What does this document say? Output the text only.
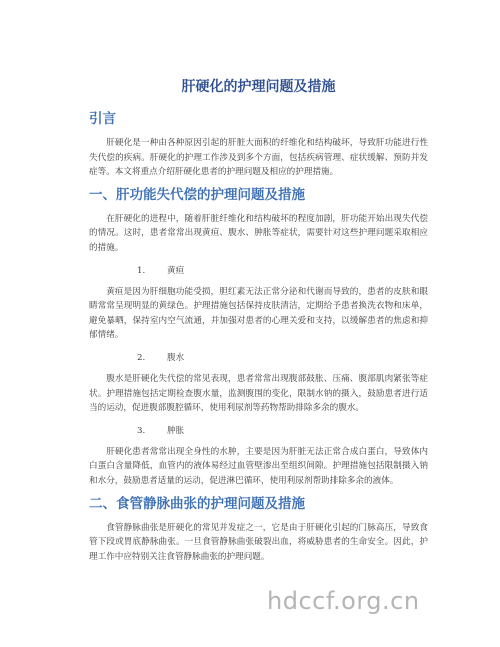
肝硬化的护理问题及措施
引言

肝硬化是一种由各种原因引起的肝脏大面积的纤维化和结构破坏，导致肝功能进行性失代偿的疾病。肝硬化的护理工作涉及到多个方面，包括疾病管理、症状缓解、预防并发症等。本文将重点介绍肝硬化患者的护理问题及相应的护理措施。

一、肝功能失代偿的护理问题及措施

在肝硬化的进程中，随着肝脏纤维化和结构破坏的程度加剧，肝功能开始出现失代偿的情况。这时，患者常常出现黄疸、腹水、肿胀等症状，需要针对这些护理问题采取相应的措施。

1.	黄疸

黄疸是因为肝细胞功能受损，胆红素无法正常分泌和代谢而导致的，患者的皮肤和眼睛常常呈现明显的黄绿色。护理措施包括保持皮肤清洁，定期给予患者换洗衣物和床单，避免暴晒，保持室内空气流通，并加强对患者的心理关爱和支持，以缓解患者的焦虑和抑郁情绪。

2.	腹水

腹水是肝硬化失代偿的常见表现，患者常常出现腹部鼓胀、压痛、腹部肌肉紧张等症状。护理措施包括定期检查腹水量，监测腹围的变化，限制水钠的摄入，鼓励患者进行适当的运动，促进腹部腹腔循环，使用利尿剂等药物帮助排除多余的腹水。

3.	肿胀

肝硬化患者常常出现全身性的水肿，主要是因为肝脏无法正常合成白蛋白，导致体内白蛋白含量降低，血管内的液体易经过血管壁渗出至组织间隙。护理措施包括限制摄入钠和水分，鼓励患者适量的运动，促进淋巴循环，使用利尿剂帮助排除多余的液体。

二、食管静脉曲张的护理问题及措施

食管静脉曲张是肝硬化的常见并发症之一，它是由于肝硬化引起的门脉高压，导致食管下段或胃底静脉曲张。一旦食管静脉曲张破裂出血，将威胁患者的生命安全。因此，护理工作中应特别关注食管静脉曲张的护理问题。

hdccf.org.cn
